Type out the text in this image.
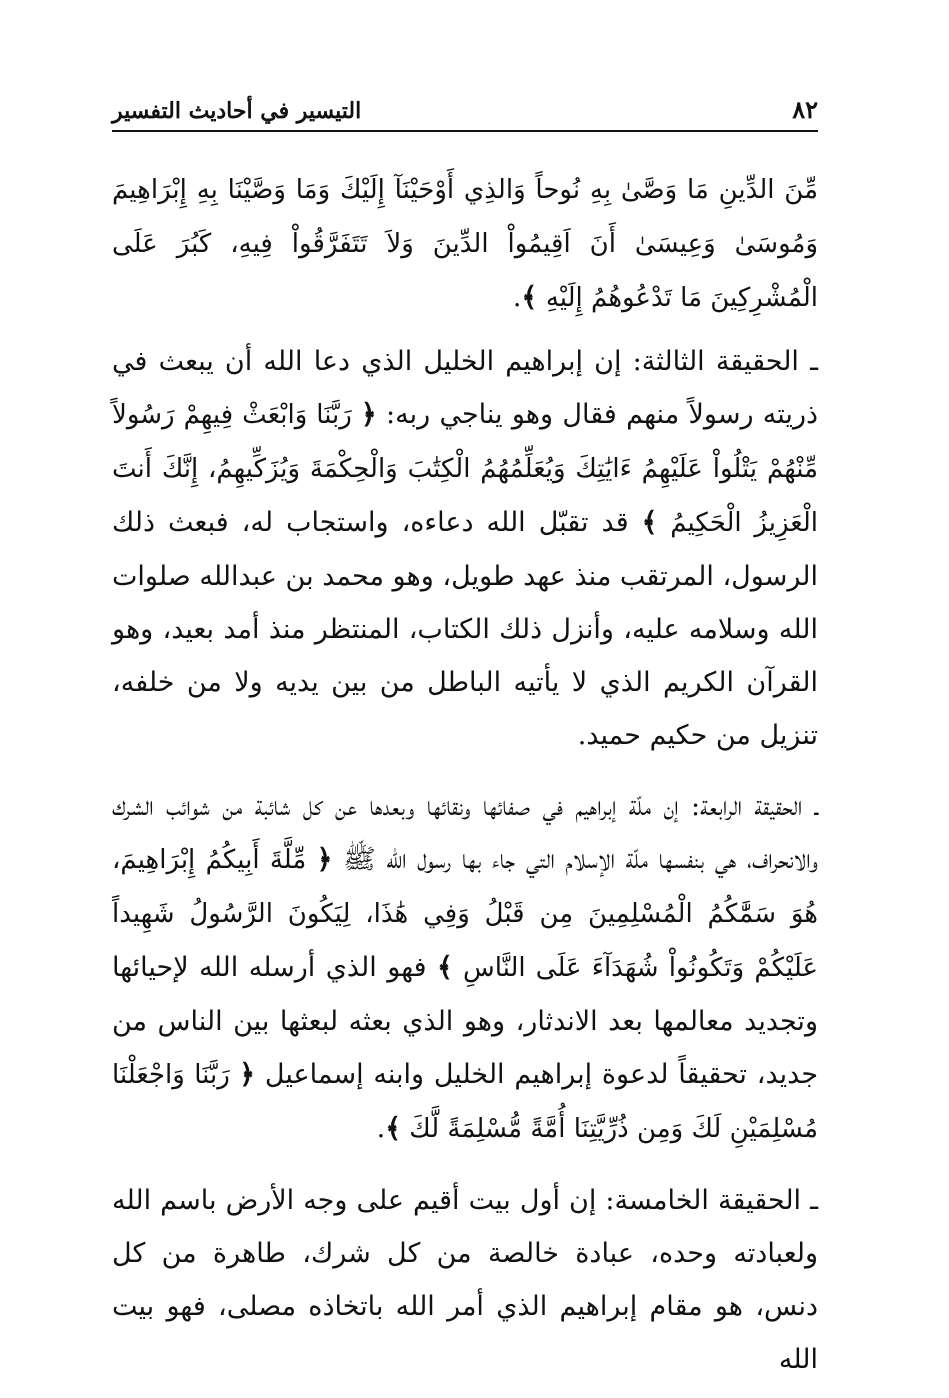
٨٢
التيسير في أحاديث التفسير

مِّنَ الدِّينِ مَا وَصَّىٰ بِهِ نُوحاً وَالذِي أَوْحَيْنَآ إِلَيْكَ وَمَا وَصَّيْنَا بِهِ إِبْرَاهِيمَ وَمُوسَىٰ وَعِيسَىٰ أَنَ اَقِيمُواْ الدِّينَ وَلاَ تَتَفَرَّقُواْ فِيهِ، كَبُرَ عَلَى الْمُشْرِكِينَ مَا تَدْعُوهُمُ إِلَيْهِ ﴾.

ـ الحقيقة الثالثة: إن إبراهيم الخليل الذي دعا الله أن يبعث في ذريته رسولاً منهم فقال وهو يناجي ربه: ﴿ رَبَّنَا وَابْعَثْ فِيهِمْ رَسُولاً مِّنْهُمْ يَتْلُواْ عَلَيْهِمُ ءَايَٰتِكَ وَيُعَلِّمُهُمُ الْكِتَٰبَ وَالْحِكْمَةَ وَيُزَكِّيهِمُ، إِنَّكَ أَنتَ الْعَزِيزُ الْحَكِيمُ ﴾ قد تقبّل الله دعاءه، واستجاب له، فبعث ذلك الرسول، المرتقب منذ عهد طويل، وهو محمد بن عبدالله صلوات الله وسلامه عليه، وأنزل ذلك الكتاب، المنتظر منذ أمد بعيد، وهو القرآن الكريم الذي لا يأتيه الباطل من بين يديه ولا من خلفه، تنزيل من حكيم حميد.

ـ الحقيقة الرابعة: إن ملّة إبراهيم في صفائها ونقائها وبعدها عن كل شائبة من شوائب الشرك والانحراف، هي بنفسها ملّة الإسلام التي جاء بها رسول الله ﷺ ﴿ مِّلَّةَ أَبِيكُمُ إِبْرَاهِيمَ، هُوَ سَمَّٰكُمُ الْمُسْلِمِينَ مِن قَبْلُ وَفِي هَٰذَا، لِيَكُونَ الرَّسُولُ شَهِيداً عَلَيْكُمْ وَتَكُونُواْ شُهَدَآءَ عَلَى النَّاسِ ﴾ فهو الذي أرسله الله لإحيائها وتجديد معالمها بعد الاندثار، وهو الذي بعثه لبعثها بين الناس من جديد، تحقيقاً لدعوة إبراهيم الخليل وابنه إسماعيل ﴿ رَبَّنَا وَاجْعَلْنَا مُسْلِمَيْنِ لَكَ وَمِن ذُرِّيَّتِنَا أُمَّةً مُّسْلِمَةً لَّكَ ﴾.

ـ الحقيقة الخامسة: إن أول بيت أقيم على وجه الأرض باسم الله ولعبادته وحده، عبادة خالصة من كل شرك، طاهرة من كل دنس، هو مقام إبراهيم الذي أمر الله باتخاذه مصلى، فهو بيت الله
